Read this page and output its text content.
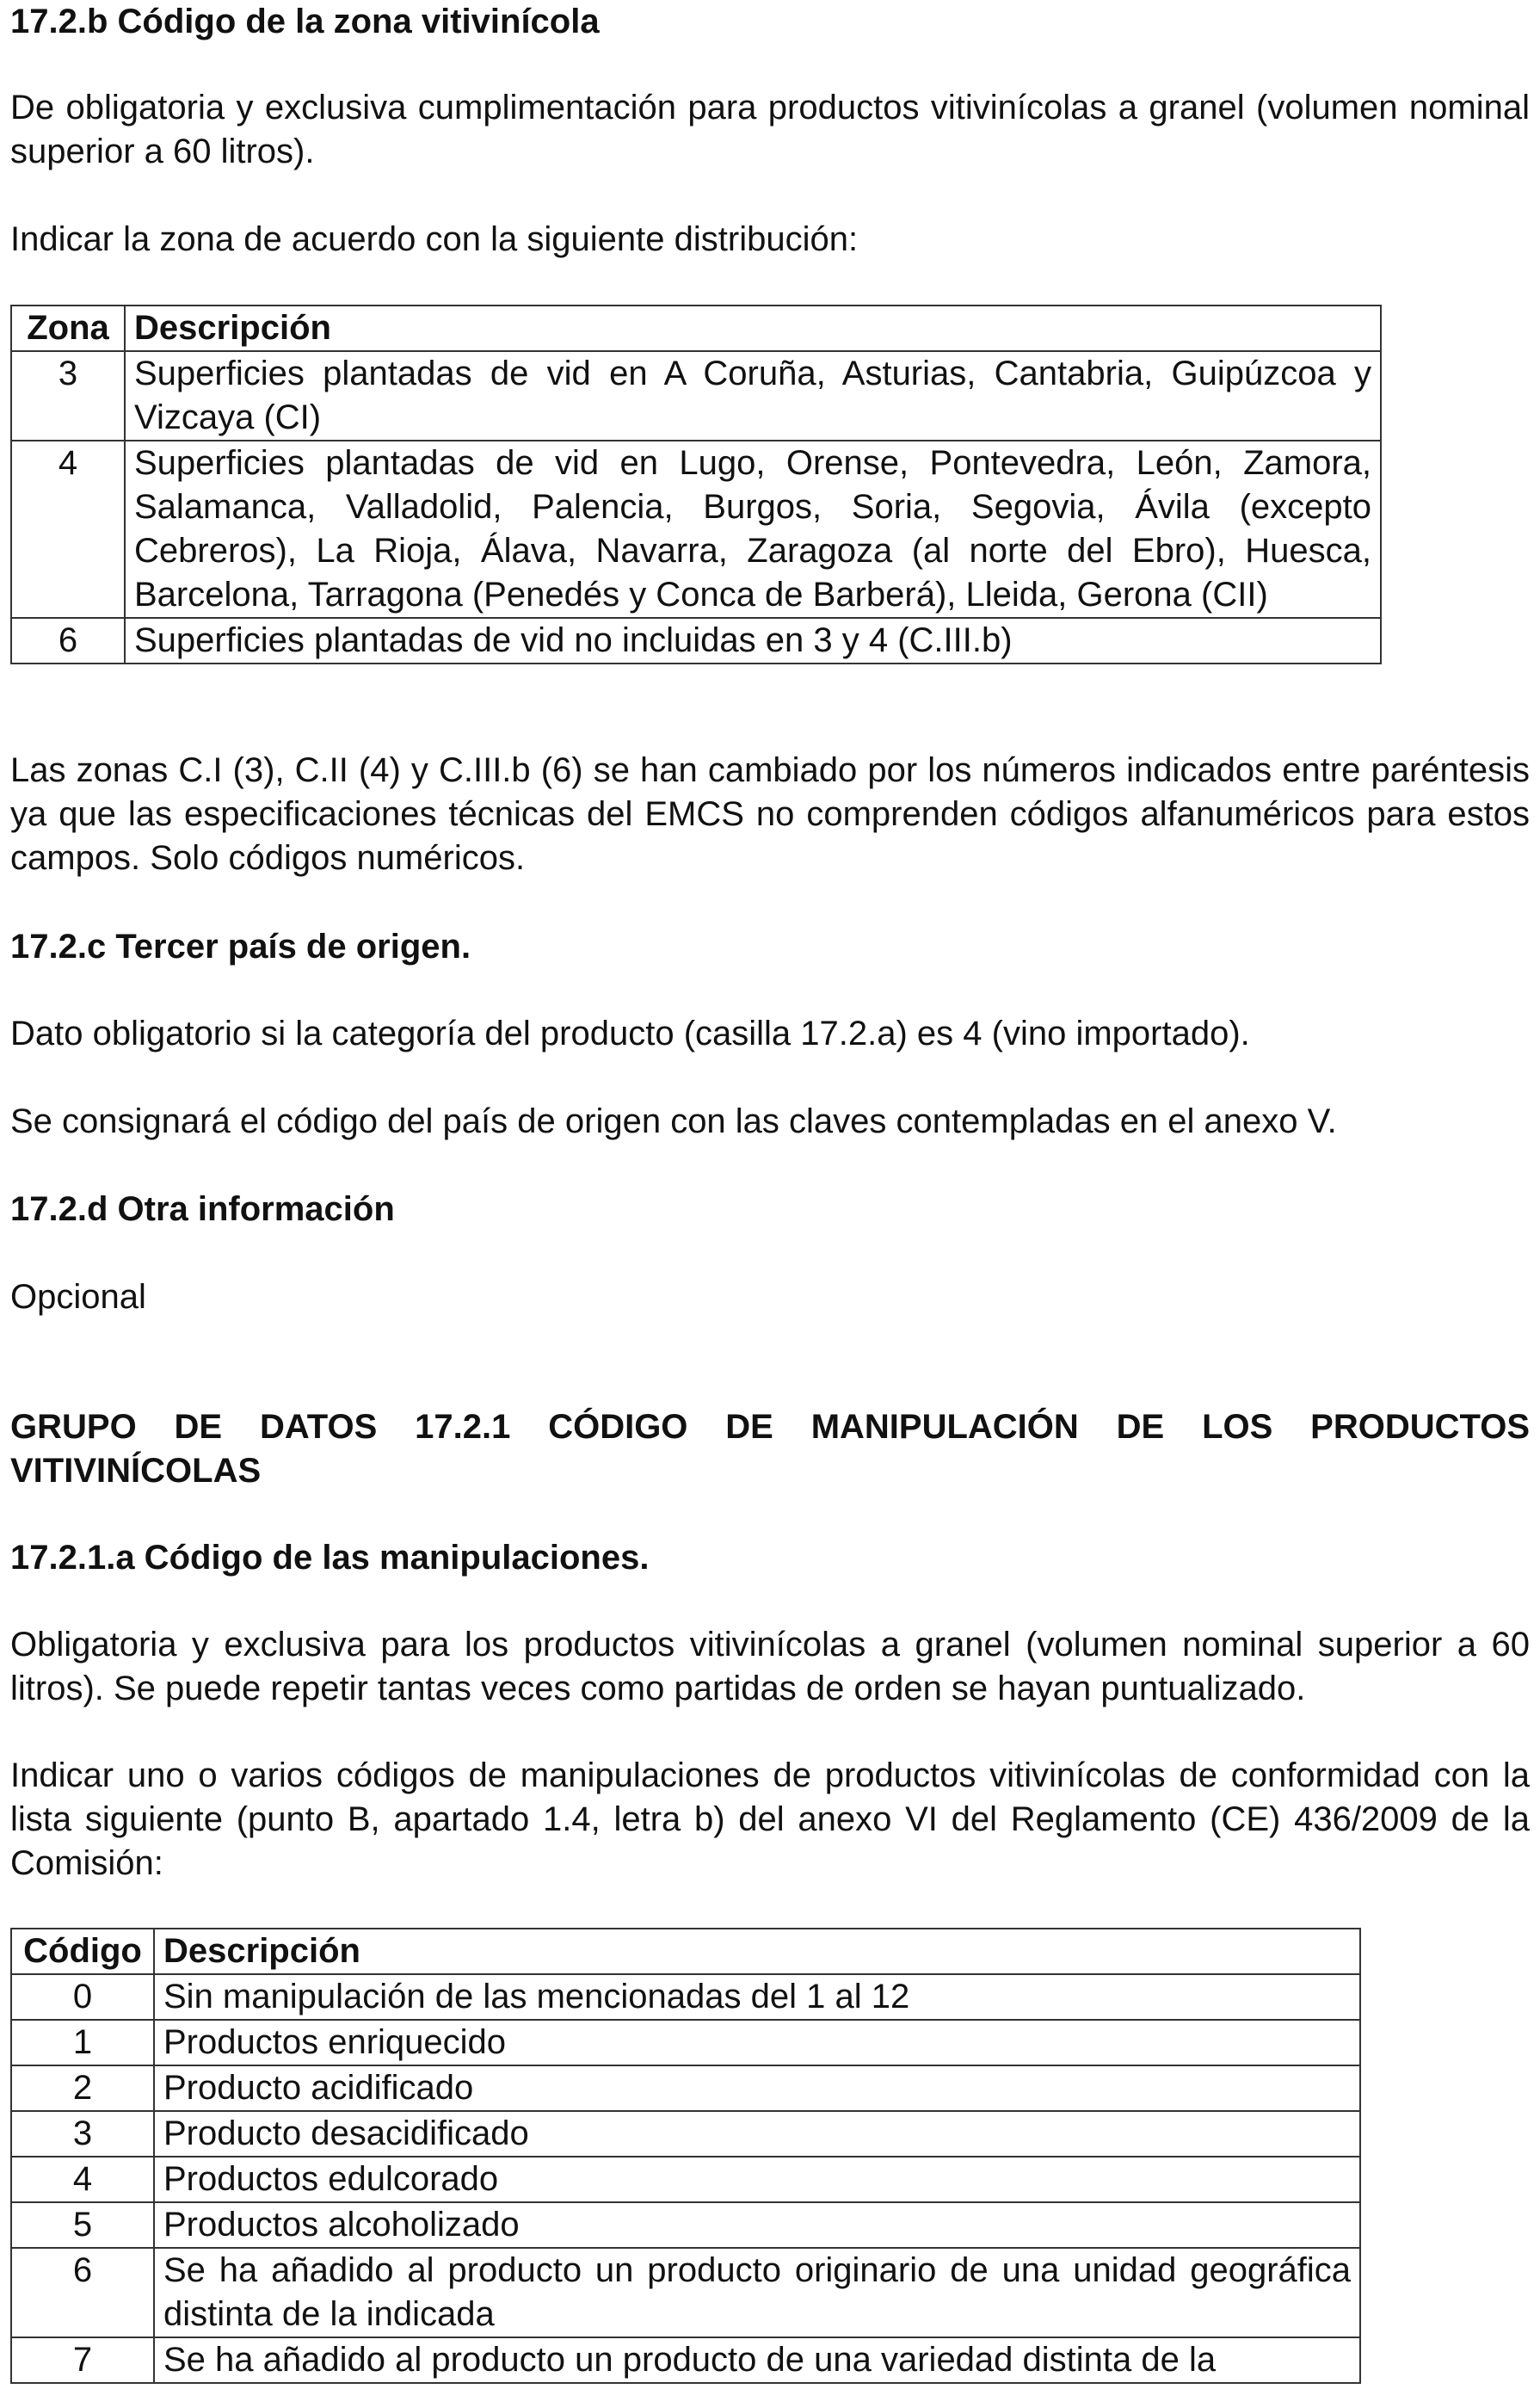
17.2.b Código de la zona vitivinícola

De obligatoria y exclusiva cumplimentación para productos vitivinícolas a granel (volumen nominal superior a 60 litros).

Indicar la zona de acuerdo con la siguiente distribución:

Zona	Descripción
3	Superficies plantadas de vid en A Coruña, Asturias, Cantabria, Guipúzcoa y Vizcaya (CI)
4	Superficies plantadas de vid en Lugo, Orense, Pontevedra, León, Zamora, Salamanca, Valladolid, Palencia, Burgos, Soria, Segovia, Ávila (excepto Cebreros), La Rioja, Álava, Navarra, Zaragoza (al norte del Ebro), Huesca, Barcelona, Tarragona (Penedés y Conca de Barberá), Lleida, Gerona (CII)
6	Superficies plantadas de vid no incluidas en 3 y 4 (C.III.b)

Las zonas C.I (3), C.II (4) y C.III.b (6) se han cambiado por los números indicados entre paréntesis ya que las especificaciones técnicas del EMCS no comprenden códigos alfanuméricos para estos campos. Solo códigos numéricos.

17.2.c Tercer país de origen.

Dato obligatorio si la categoría del producto (casilla 17.2.a) es 4 (vino importado).

Se consignará el código del país de origen con las claves contempladas en el anexo V.

17.2.d Otra información

Opcional

GRUPO DE DATOS 17.2.1 CÓDIGO DE MANIPULACIÓN DE LOS PRODUCTOS VITIVINÍCOLAS

17.2.1.a Código de las manipulaciones.

Obligatoria y exclusiva para los productos vitivinícolas a granel (volumen nominal superior a 60 litros). Se puede repetir tantas veces como partidas de orden se hayan puntualizado.

Indicar uno o varios códigos de manipulaciones de productos vitivinícolas de conformidad con la lista siguiente (punto B, apartado 1.4, letra b) del anexo VI del Reglamento (CE) 436/2009 de la Comisión:

Código	Descripción
0	Sin manipulación de las mencionadas del 1 al 12
1	Productos enriquecido
2	Producto acidificado
3	Producto desacidificado
4	Productos edulcorado
5	Productos alcoholizado
6	Se ha añadido al producto un producto originario de una unidad geográfica distinta de la indicada
7	Se ha añadido al producto un producto de una variedad distinta de la
